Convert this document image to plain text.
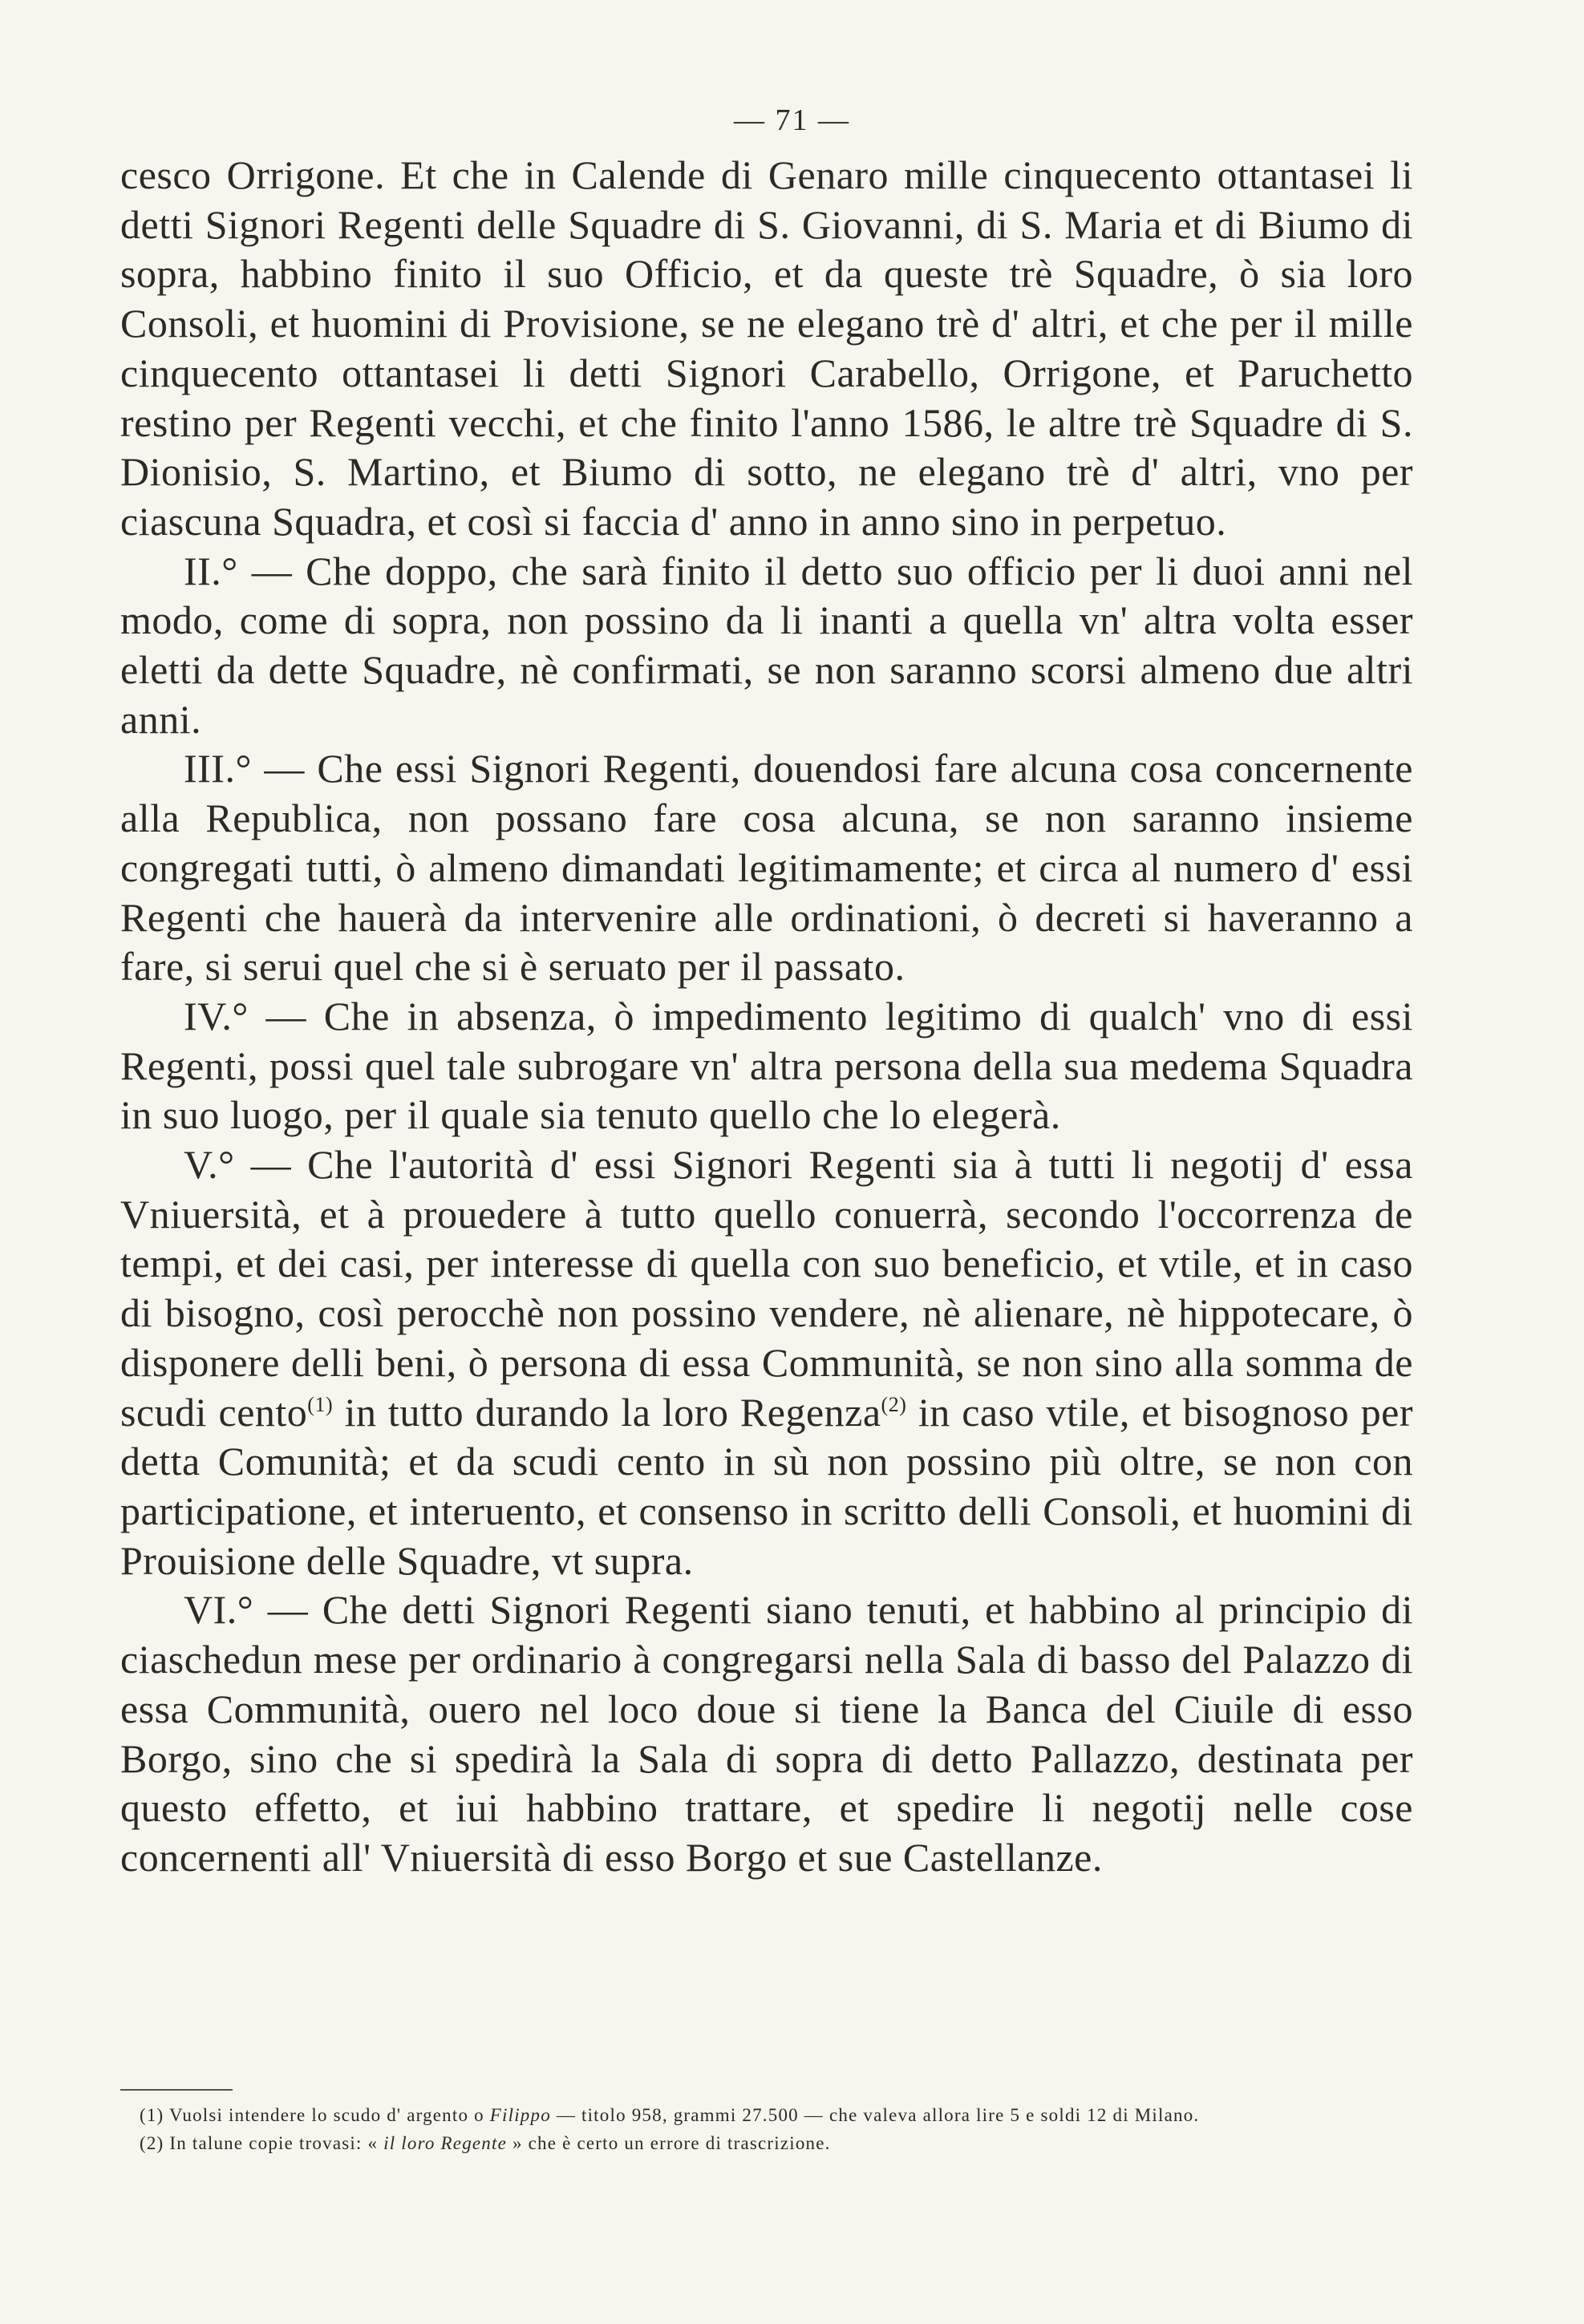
— 71 —

cesco Orrigone. Et che in Calende di Genaro mille cinquecento ottantasei li detti Signori Regenti delle Squadre di S. Giovanni, di S. Maria et di Biumo di sopra, habbino finito il suo Officio, et da queste trè Squadre, ò sia loro Consoli, et huomini di Provisione, se ne elegano trè d' altri, et che per il mille cinquecento ottantasei li detti Signori Carabello, Orrigone, et Paruchetto restino per Regenti vecchi, et che finito l'anno 1586, le altre trè Squadre di S. Dionisio, S. Martino, et Biumo di sotto, ne elegano trè d' altri, vno per ciascuna Squadra, et così si faccia d' anno in anno sino in perpetuo.

II.° — Che doppo, che sarà finito il detto suo officio per li duoi anni nel modo, come di sopra, non possino da li inanti a quella vn' altra volta esser eletti da dette Squadre, nè confirmati, se non saranno scorsi almeno due altri anni.

III.° — Che essi Signori Regenti, douendosi fare alcuna cosa concernente alla Republica, non possano fare cosa alcuna, se non saranno insieme congregati tutti, ò almeno dimandati legitimamente; et circa al numero d' essi Regenti che hauerà da intervenire alle ordinationi, ò decreti si haveranno a fare, si serui quel che si è seruato per il passato.

IV.° — Che in absenza, ò impedimento legitimo di qualch' vno di essi Regenti, possi quel tale subrogare vn' altra persona della sua medema Squadra in suo luogo, per il quale sia tenuto quello che lo elegerà.

V.° — Che l'autorità d' essi Signori Regenti sia à tutti li negotij d' essa Vniuersità, et à prouedere à tutto quello conuerrà, secondo l'occorrenza de tempi, et dei casi, per interesse di quella con suo beneficio, et vtile, et in caso di bisogno, così perocchè non possino vendere, nè alienare, nè hippotecare, ò disponere delli beni, ò persona di essa Communità, se non sino alla somma de scudi cento$^{(1)}$ in tutto durando la loro Regenza$^{(2)}$ in caso vtile, et bisognoso per detta Comunità; et da scudi cento in sù non possino più oltre, se non con participatione, et interuento, et consenso in scritto delli Consoli, et huomini di Prouisione delle Squadre, vt supra.

VI.° — Che detti Signori Regenti siano tenuti, et habbino al principio di ciaschedun mese per ordinario à congregarsi nella Sala di basso del Palazzo di essa Communità, ouero nel loco doue si tiene la Banca del Ciuile di esso Borgo, sino che si spedirà la Sala di sopra di detto Pallazzo, destinata per questo effetto, et iui habbino trattare, et spedire li negotij nelle cose concernenti all' Vniuersità di esso Borgo et sue Castellanze.

(1) Vuolsi intendere lo scudo d' argento o Filippo — titolo 958, grammi 27.500 — che valeva allora lire 5 e soldi 12 di Milano.

(2) In talune copie trovasi: « il loro Regente » che è certo un errore di trascrizione.
